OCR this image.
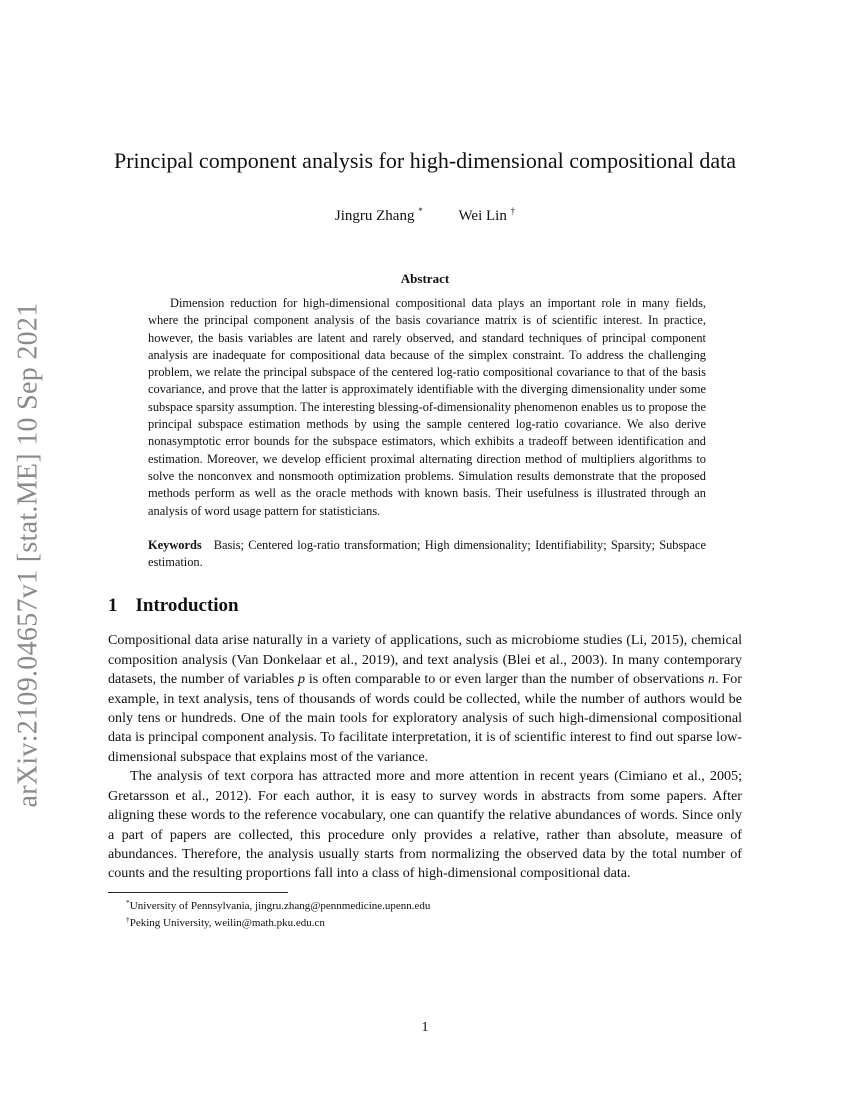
arXiv:2109.04657v1 [stat.ME] 10 Sep 2021
Principal component analysis for high-dimensional compositional data
Jingru Zhang * Wei Lin †
Abstract

Dimension reduction for high-dimensional compositional data plays an important role in many fields, where the principal component analysis of the basis covariance matrix is of scientific interest. In practice, however, the basis variables are latent and rarely observed, and standard techniques of principal component analysis are inadequate for compositional data because of the simplex constraint. To address the challenging problem, we relate the principal subspace of the centered log-ratio compositional covariance to that of the basis covariance, and prove that the latter is approximately identifiable with the diverging dimensionality under some subspace sparsity assumption. The interesting blessing-of-dimensionality phenomenon enables us to propose the principal subspace estimation methods by using the sample centered log-ratio covariance. We also derive nonasymptotic error bounds for the subspace estimators, which exhibits a tradeoff between identification and estimation. Moreover, we develop efficient proximal alternating direction method of multipliers algorithms to solve the nonconvex and nonsmooth optimization problems. Simulation results demonstrate that the proposed methods perform as well as the oracle methods with known basis. Their usefulness is illustrated through an analysis of word usage pattern for statisticians.

Keywords Basis; Centered log-ratio transformation; High dimensionality; Identifiability; Sparsity; Subspace estimation.

1 Introduction

Compositional data arise naturally in a variety of applications, such as microbiome studies (Li, 2015), chemical composition analysis (Van Donkelaar et al., 2019), and text analysis (Blei et al., 2003). In many contemporary datasets, the number of variables p is often comparable to or even larger than the number of observations n. For example, in text analysis, tens of thousands of words could be collected, while the number of authors would be only tens or hundreds. One of the main tools for exploratory analysis of such high-dimensional compositional data is principal component analysis. To facilitate interpretation, it is of scientific interest to find out sparse low-dimensional subspace that explains most of the variance.

The analysis of text corpora has attracted more and more attention in recent years (Cimiano et al., 2005; Gretarsson et al., 2012). For each author, it is easy to survey words in abstracts from some papers. After aligning these words to the reference vocabulary, one can quantify the relative abundances of words. Since only a part of papers are collected, this procedure only provides a relative, rather than absolute, measure of abundances. Therefore, the analysis usually starts from normalizing the observed data by the total number of counts and the resulting proportions fall into a class of high-dimensional compositional data.

*University of Pennsylvania, jingru.zhang@pennmedicine.upenn.edu
†Peking University, weilin@math.pku.edu.cn
1
